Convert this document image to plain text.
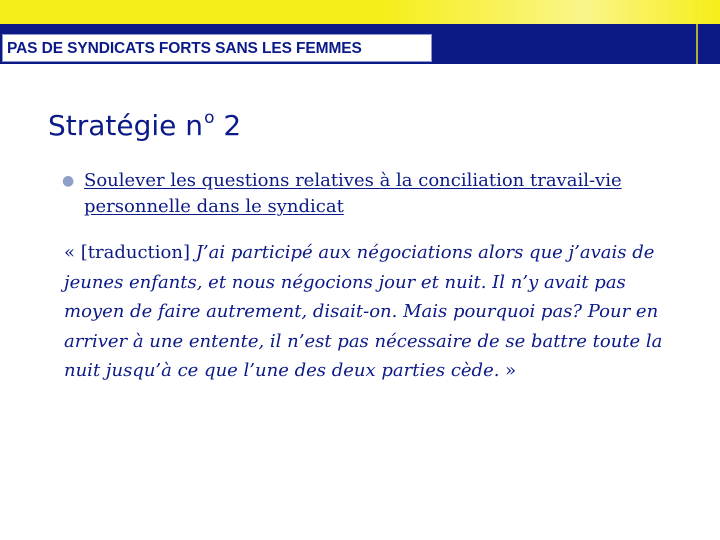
PAS DE SYNDICATS FORTS SANS LES FEMMES
Stratégie $n^o$ 2
● Soulever les questions relatives à la conciliation travail-vie personnelle dans le syndicat
« [traduction] J’ai participé aux négociations alors que j’avais de jeunes enfants, et nous négocions jour et nuit. Il n’y avait pas moyen de faire autrement, disait-on. Mais pourquoi pas? Pour en arriver à une entente, il n’est pas nécessaire de se battre toute la nuit jusqu’à ce que l’une des deux parties cède. »
